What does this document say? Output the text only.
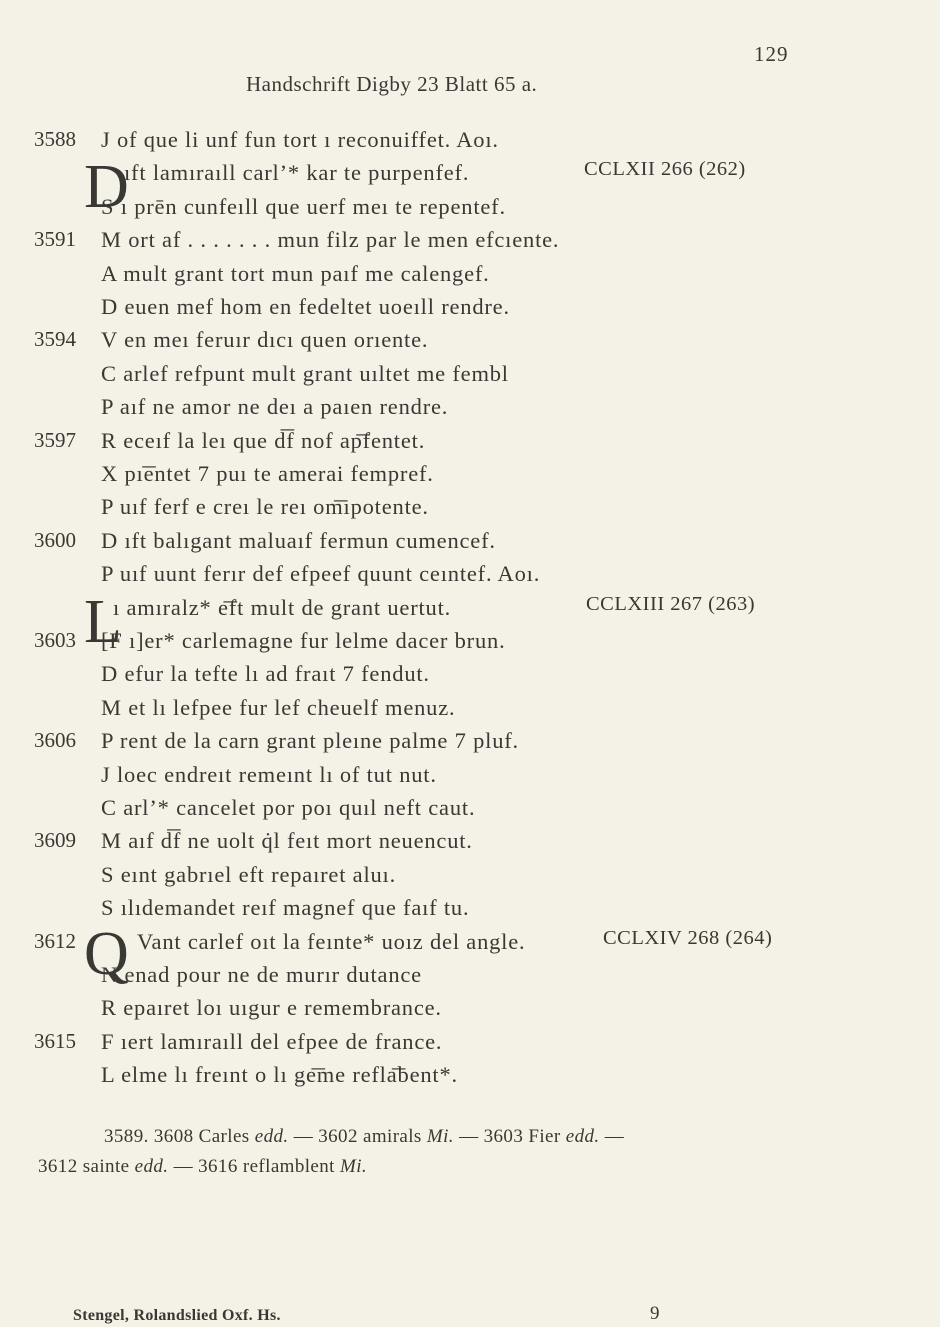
129
Handschrift Digby 23 Blatt 65 a.
3588 J of que li unf fun tort ı reconuiffet. Aoı.
ıft lamıraıll carl’* kar te purpenfef.	CCLXII 266 (262)
D
S ı prēn cunfeıll que uerf meı te repentef.
3591 M ort af . . . . . . . mun filz par le men efcıente.
A mult grant tort mun paıf me calengef.
D euen mef hom en fedeltet uoeıll rendre.
3594 V en meı feruır dıcı quen orıente.
C arlef refpunt mult grant uıltet me fembl
P aıf ne amor ne deı a paıen rendre.
3597 R eceıf la leı que d͞f nof ap͞fentet.
X pı͞entet 7 puı te amerai fempref.
P uıf ferf e creı le reı om͞ıpotente.
3600 D ıft balıgant maluaıf fermun cumencef.
P uıf uunt ferır def efpeef quunt ceıntef. Aoı.
ı amıralz* e͞ft mult de grant uertut.	CCLXIII 267 (263)
L
3603 [F ı]er* carlemagne fur lelme dacer brun.
D efur la tefte lı ad fraıt 7 fendut.
M et lı lefpee fur lef cheuelf menuz.
3606 P rent de la carn grant pleıne palme 7 pluf.
J loec endreıt remeınt lı of tut nut.
C arl’* cancelet por poı quıl neft caut.
3609 M aıf d͞f ne uolt q̇l feıt mort neuencut.
S eınt gabrıel eft repaıret aluı.
S ılıdemandet reıf magnef que faıf tu.
3612	Vant carlef oıt la feınte* uoız del angle.	CCLXIV 268 (264)
Q
N enad pour ne de murır dutance
R epaıret loı uıgur e remembrance.
3615 F ıert lamıraıll del efpee de france.
L elme lı freınt o lı ge͞me refla͞bent*.
3589. 3608 Carles edd. — 3602 amirals Mi. — 3603 Fier edd. —
3612 sainte edd. — 3616 reflamblent Mi.
Stengel, Rolandslied Oxf. Hs.	9
